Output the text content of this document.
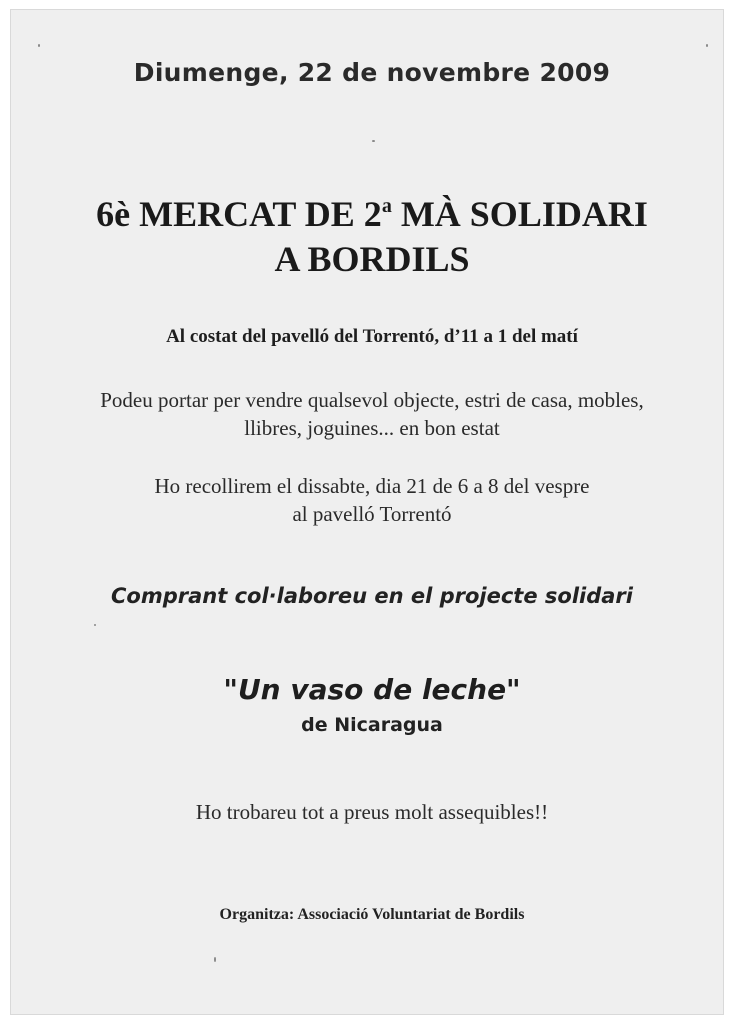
Diumenge, 22 de novembre 2009
6è MERCAT DE 2$^a$ MÀ SOLIDARI
A BORDILS
Al costat del pavelló del Torrentó, d’11 a 1 del matí
Podeu portar per vendre qualsevol objecte, estri de casa, mobles,
llibres, joguines... en bon estat
Ho recollirem el dissabte, dia 21 de 6 a 8 del vespre
al pavelló Torrentó
Comprant col·laboreu en el projecte solidari
"Un vaso de leche"
de Nicaragua
Ho trobareu tot a preus molt assequibles!!
Organitza: Associació Voluntariat de Bordils
